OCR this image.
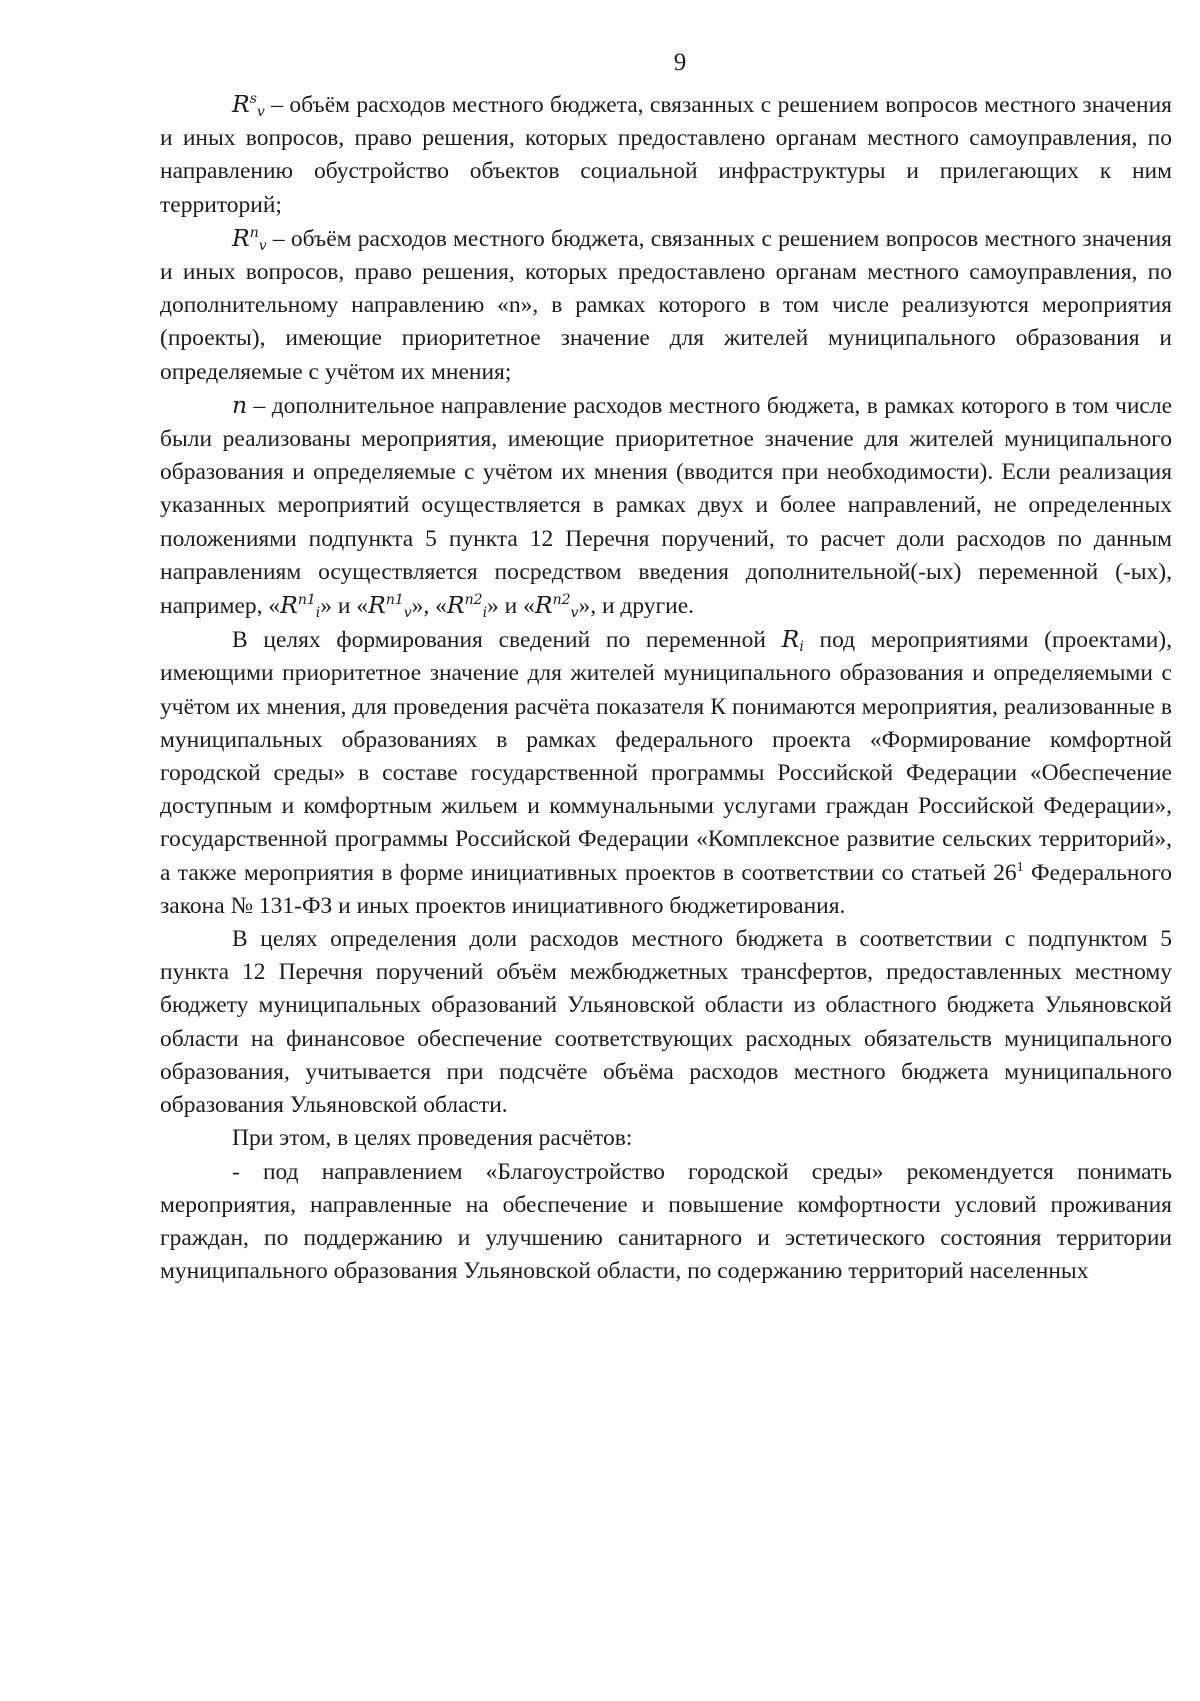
9

$R^s_v$ – объём расходов местного бюджета, связанных с решением вопросов местного значения и иных вопросов, право решения, которых предоставлено органам местного самоуправления, по направлению обустройство объектов социальной инфраструктуры и прилегающих к ним территорий;

$R^n_v$ – объём расходов местного бюджета, связанных с решением вопросов местного значения и иных вопросов, право решения, которых предоставлено органам местного самоуправления, по дополнительному направлению «n», в рамках которого в том числе реализуются мероприятия (проекты), имеющие приоритетное значение для жителей муниципального образования и определяемые с учётом их мнения;

n – дополнительное направление расходов местного бюджета, в рамках которого в том числе были реализованы мероприятия, имеющие приоритетное значение для жителей муниципального образования и определяемые с учётом их мнения (вводится при необходимости). Если реализация указанных мероприятий осуществляется в рамках двух и более направлений, не определенных положениями подпункта 5 пункта 12 Перечня поручений, то расчет доли расходов по данным направлениям осуществляется посредством введения дополнительной(-ых) переменной (-ых), например, «$R^{n1}_i$» и «$R^{n1}_v$», «$R^{n2}_i$» и «$R^{n2}_v$», и другие.

В целях формирования сведений по переменной $R_i$ под мероприятиями (проектами), имеющими приоритетное значение для жителей муниципального образования и определяемыми с учётом их мнения, для проведения расчёта показателя К понимаются мероприятия, реализованные в муниципальных образованиях в рамках федерального проекта «Формирование комфортной городской среды» в составе государственной программы Российской Федерации «Обеспечение доступным и комфортным жильем и коммунальными услугами граждан Российской Федерации», государственной программы Российской Федерации «Комплексное развитие сельских территорий», а также мероприятия в форме инициативных проектов в соответствии со статьей 26$^1$ Федерального закона № 131-ФЗ и иных проектов инициативного бюджетирования.

В целях определения доли расходов местного бюджета в соответствии с подпунктом 5 пункта 12 Перечня поручений объём межбюджетных трансфертов, предоставленных местному бюджету муниципальных образований Ульяновской области из областного бюджета Ульяновской области на финансовое обеспечение соответствующих расходных обязательств муниципального образования, учитывается при подсчёте объёма расходов местного бюджета муниципального образования Ульяновской области.

При этом, в целях проведения расчётов:

- под направлением «Благоустройство городской среды» рекомендуется понимать мероприятия, направленные на обеспечение и повышение комфортности условий проживания граждан, по поддержанию и улучшению санитарного и эстетического состояния территории муниципального образования Ульяновской области, по содержанию территорий населенных
